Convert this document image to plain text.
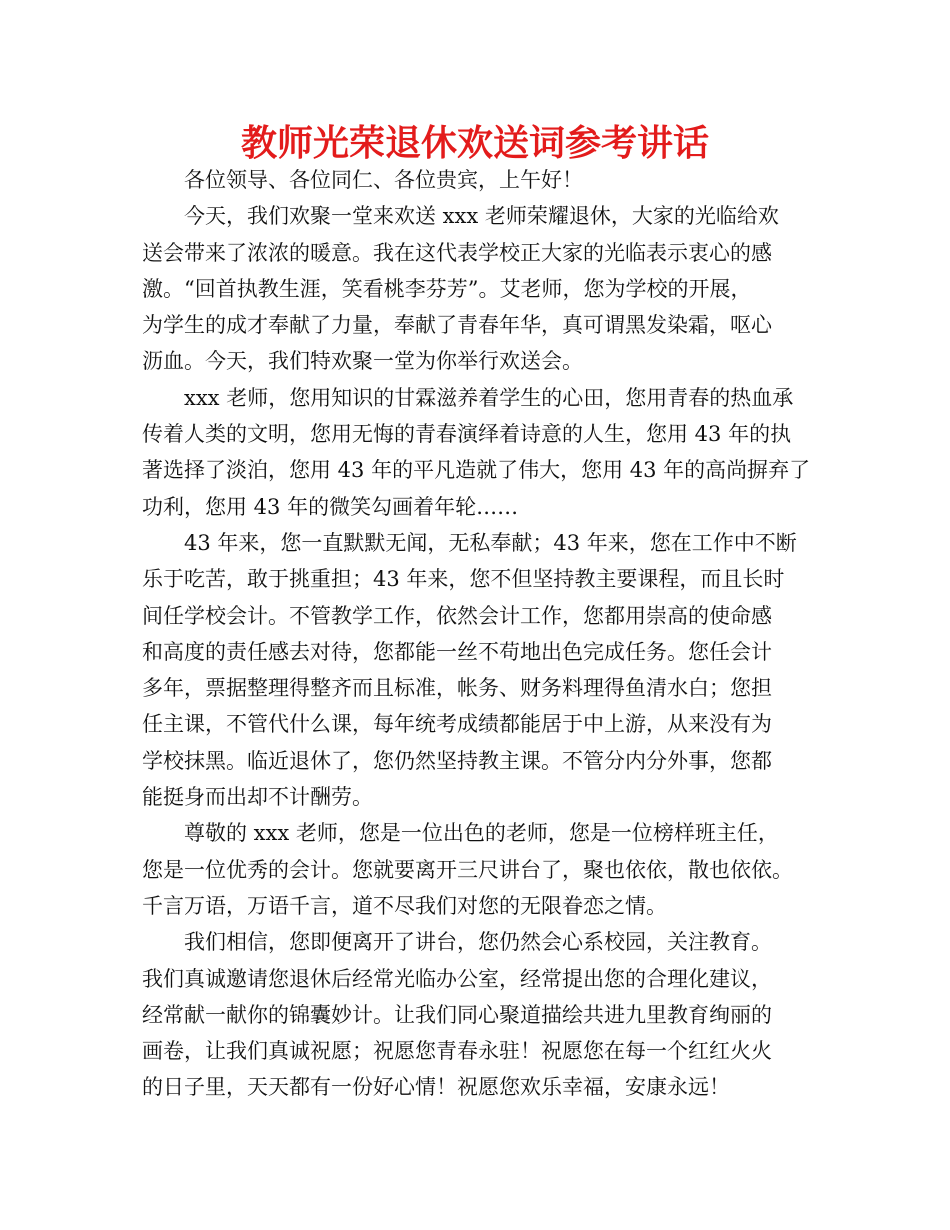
教师光荣退休欢送词参考讲话
各位领导、各位同仁、各位贵宾，上午好！
今天，我们欢聚一堂来欢送 xxx 老师荣耀退休，大家的光临给欢
送会带来了浓浓的暖意。我在这代表学校正大家的光临表示衷心的感
激。“回首执教生涯，笑看桃李芬芳”。艾老师，您为学校的开展，
为学生的成才奉献了力量，奉献了青春年华，真可谓黑发染霜，呕心
沥血。今天，我们特欢聚一堂为你举行欢送会。
xxx 老师，您用知识的甘霖滋养着学生的心田，您用青春的热血承
传着人类的文明，您用无悔的青春演绎着诗意的人生，您用 43 年的执
著选择了淡泊，您用 43 年的平凡造就了伟大，您用 43 年的高尚摒弃了
功利，您用 43 年的微笑勾画着年轮……
43 年来，您一直默默无闻，无私奉献；43 年来，您在工作中不断
乐于吃苦，敢于挑重担；43 年来，您不但坚持教主要课程，而且长时
间任学校会计。不管教学工作，依然会计工作，您都用崇高的使命感
和高度的责任感去对待，您都能一丝不苟地出色完成任务。您任会计
多年，票据整理得整齐而且标准，帐务、财务料理得鱼清水白；您担
任主课，不管代什么课，每年统考成绩都能居于中上游，从来没有为
学校抹黑。临近退休了，您仍然坚持教主课。不管分内分外事，您都
能挺身而出却不计酬劳。
尊敬的 xxx 老师，您是一位出色的老师，您是一位榜样班主任，
您是一位优秀的会计。您就要离开三尺讲台了，聚也依依，散也依依。
千言万语，万语千言，道不尽我们对您的无限眷恋之情。
我们相信，您即便离开了讲台，您仍然会心系校园，关注教育。
我们真诚邀请您退休后经常光临办公室，经常提出您的合理化建议，
经常献一献你的锦囊妙计。让我们同心聚道描绘共进九里教育绚丽的
画卷，让我们真诚祝愿；祝愿您青春永驻！祝愿您在每一个红红火火
的日子里，天天都有一份好心情！祝愿您欢乐幸福，安康永远！
